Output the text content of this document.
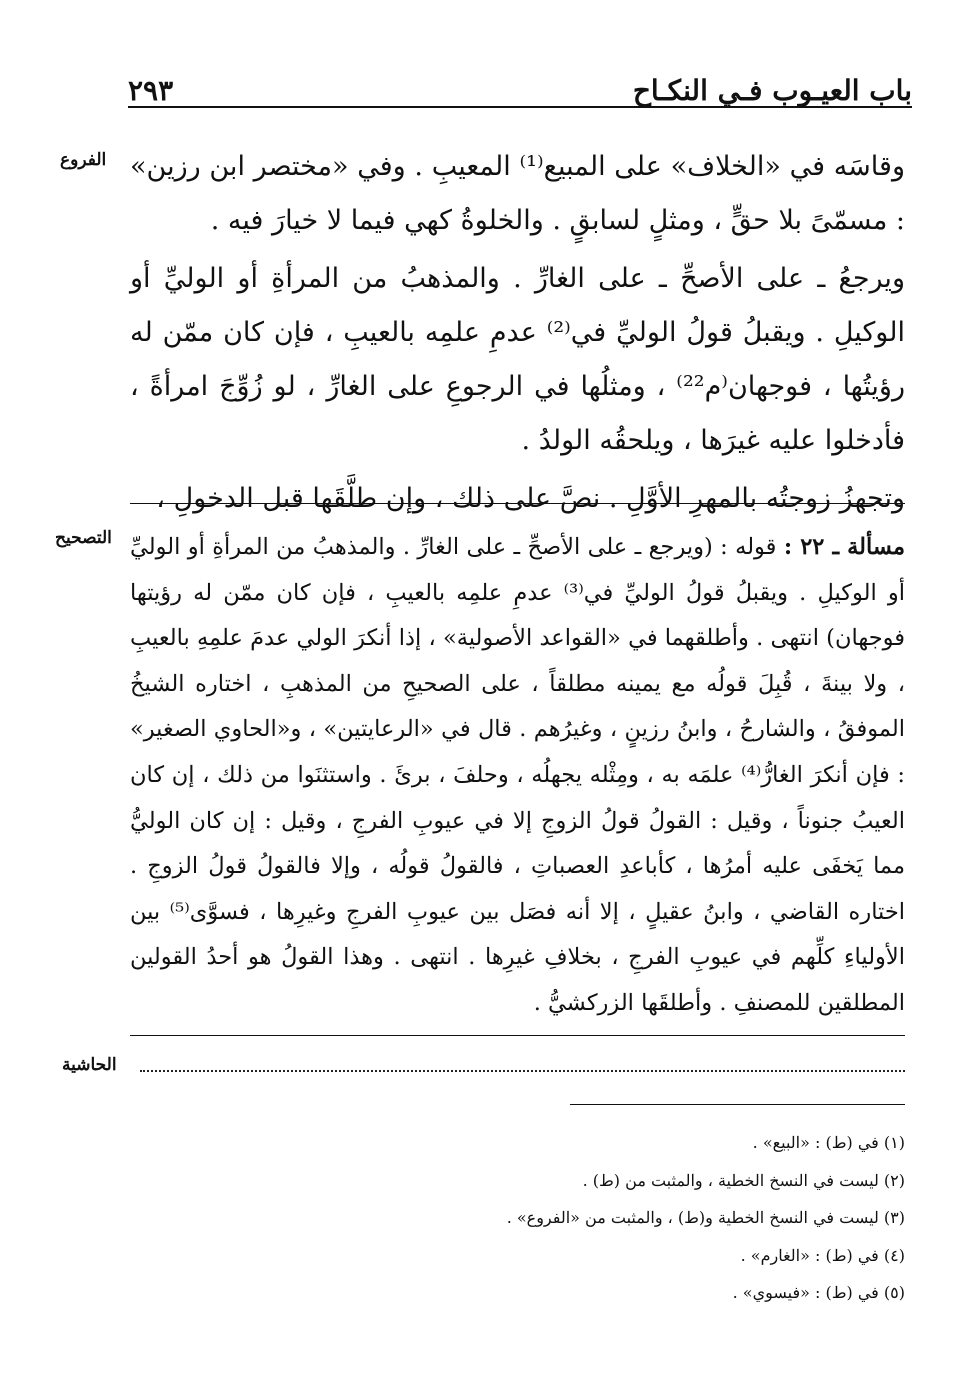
باب العيـوب فـي النكـاح
٢٩٣
الفروع وقاسَه في «الخلاف» على المبيع⁽¹⁾ المعيبِ . وفي «مختصر ابن رزين» : مسمّىً بلا حقٍّ ، ومثلٍ لسابقٍ . والخلوةُ كهي فيما لا خيارَ فيه .

ويرجعُ ـ على الأصحِّ ـ على الغارِّ . والمذهبُ من المرأةِ أو الوليِّ أو الوكيلِ . ويقبلُ قولُ الوليِّ في⁽²⁾ عدمِ علمِه بالعيبِ ، فإن كان ممّن له رؤيتُها ، فوجهان⁽م²²⁾ ، ومثلُها في الرجوعِ على الغارِّ ، لو زُوِّجَ امرأةً ، فأدخلوا عليه غيرَها ، ويلحقُه الولدُ .

وتجهزُ زوجتُه بالمهرِ الأوَّلِ . نصَّ على ذلك ، وإن طلَّقَها قبل الدخولِ ،

التصحيح	مسألة ـ ٢٢ : قوله : (ويرجع ـ على الأصحِّ ـ على الغارِّ . والمذهبُ من المرأةِ أو الوليِّ أو الوكيلِ . ويقبلُ قولُ الوليِّ في⁽³⁾ عدمِ علمِه بالعيبِ ، فإن كان ممّن له رؤيتها فوجهان) انتهى . وأطلقهما في «القواعد الأصولية» ، إذا أنكرَ الولي عدمَ علمِهِ بالعيبِ ، ولا بينةَ ، قُبِلَ قولُه مع يمينه مطلقاً ، على الصحيحِ من المذهبِ ، اختاره الشيخُ الموفقُ ، والشارحُ ، وابنُ رزينٍ ، وغيرُهم . قال في «الرعايتين» ، و«الحاوي الصغير» : فإن أنكرَ الغارُّ⁽⁴⁾ علمَه به ، ومِثْله يجهلُه ، وحلفَ ، برئَ . واستثنَوا من ذلك ، إن كان العيبُ جنوناً ، وقيل : القولُ قولُ الزوجِ إلا في عيوبِ الفرجِ ، وقيل : إن كان الوليُّ مما يَخفَى عليه أمرُها ، كأباعدِ العصباتِ ، فالقولُ قولُه ، وإلا فالقولُ قولُ الزوجِ . اختاره القاضي ، وابنُ عقيلٍ ، إلا أنه فصَل بين عيوبِ الفرجِ وغيرِها ، فسوَّى⁽⁵⁾ بين الأولياءِ كلِّهم في عيوبِ الفرجِ ، بخلافِ غيرِها . انتهى . وهذا القولُ هو أحدُ القولين المطلقين للمصنفِ . وأطلقَها الزركشيُّ .

الحاشية

(١) في (ط) : «البيع» .

(٢) ليست في النسخ الخطية ، والمثبت من (ط) .

(٣) ليست في النسخ الخطية و(ط) ، والمثبت من «الفروع» .

(٤) في (ط) : «الغارم» .

(٥) في (ط) : «فيسوي» .
